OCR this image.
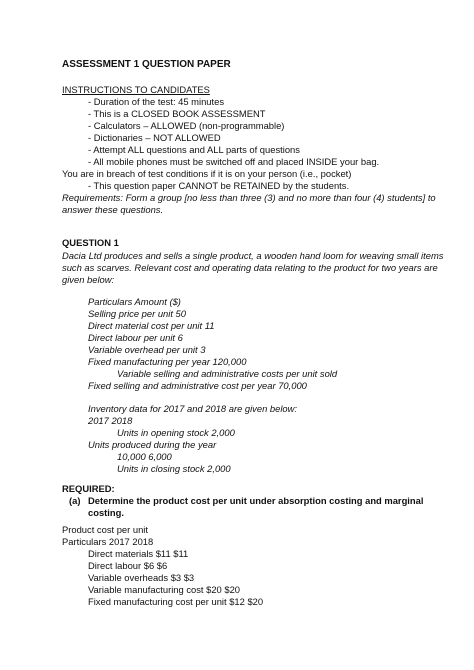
ASSESSMENT 1 QUESTION PAPER
INSTRUCTIONS TO CANDIDATES
- Duration of the test: 45 minutes
- This is a CLOSED BOOK ASSESSMENT
- Calculators – ALLOWED (non-programmable)
- Dictionaries – NOT ALLOWED
- Attempt ALL questions and ALL parts of questions
- All mobile phones must be switched off and placed INSIDE your bag.
You are in breach of test conditions if it is on your person (i.e., pocket)
- This question paper CANNOT be RETAINED by the students.
Requirements: Form a group [no less than three (3) and no more than four (4) students] to
answer these questions.
QUESTION 1
Dacia Ltd produces and sells a single product, a wooden hand loom for weaving small items
such as scarves. Relevant cost and operating data relating to the product for two years are
given below:
Particulars Amount ($)
Selling price per unit 50
Direct material cost per unit 11
Direct labour per unit 6
Variable overhead per unit 3
Fixed manufacturing per year 120,000
Variable selling and administrative costs per unit sold
Fixed selling and administrative cost per year 70,000
Inventory data for 2017 and 2018 are given below:
2017 2018
Units in opening stock 2,000
Units produced during the year
10,000 6,000
Units in closing stock 2,000
REQUIRED:
(a) Determine the product cost per unit under absorption costing and marginal
costing.
Product cost per unit
Particulars 2017 2018
Direct materials $11 $11
Direct labour $6 $6
Variable overheads $3 $3
Variable manufacturing cost $20 $20
Fixed manufacturing cost per unit $12 $20
